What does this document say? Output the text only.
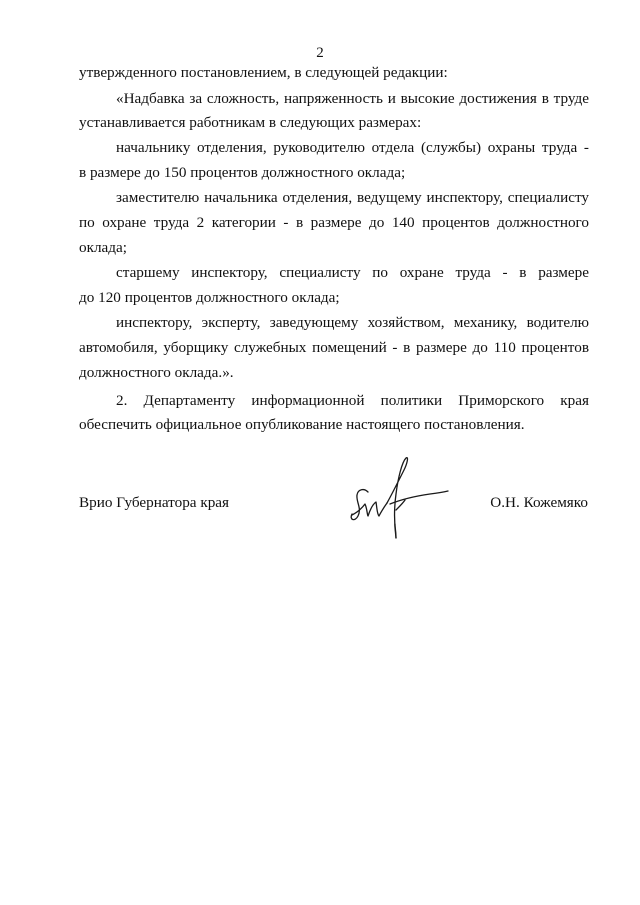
2
утвержденного постановлением, в следующей редакции:
«Надбавка за сложность, напряженность и высокие достижения в труде
устанавливается работникам в следующих размерах:
начальнику отделения, руководителю отдела (службы) охраны труда -
в размере до 150 процентов должностного оклада;
заместителю начальника отделения, ведущему инспектору, специалисту
по охране труда 2 категории - в размере до 140 процентов должностного
оклада;
старшему инспектору, специалисту по охране труда - в размере
до 120 процентов должностного оклада;
инспектору, эксперту, заведующему хозяйством, механику, водителю
автомобиля, уборщику служебных помещений - в размере до 110 процентов
должностного оклада.».
2. Департаменту информационной политики Приморского края
обеспечить официальное опубликование настоящего постановления.
Врио Губернатора края	О.Н. Кожемяко
